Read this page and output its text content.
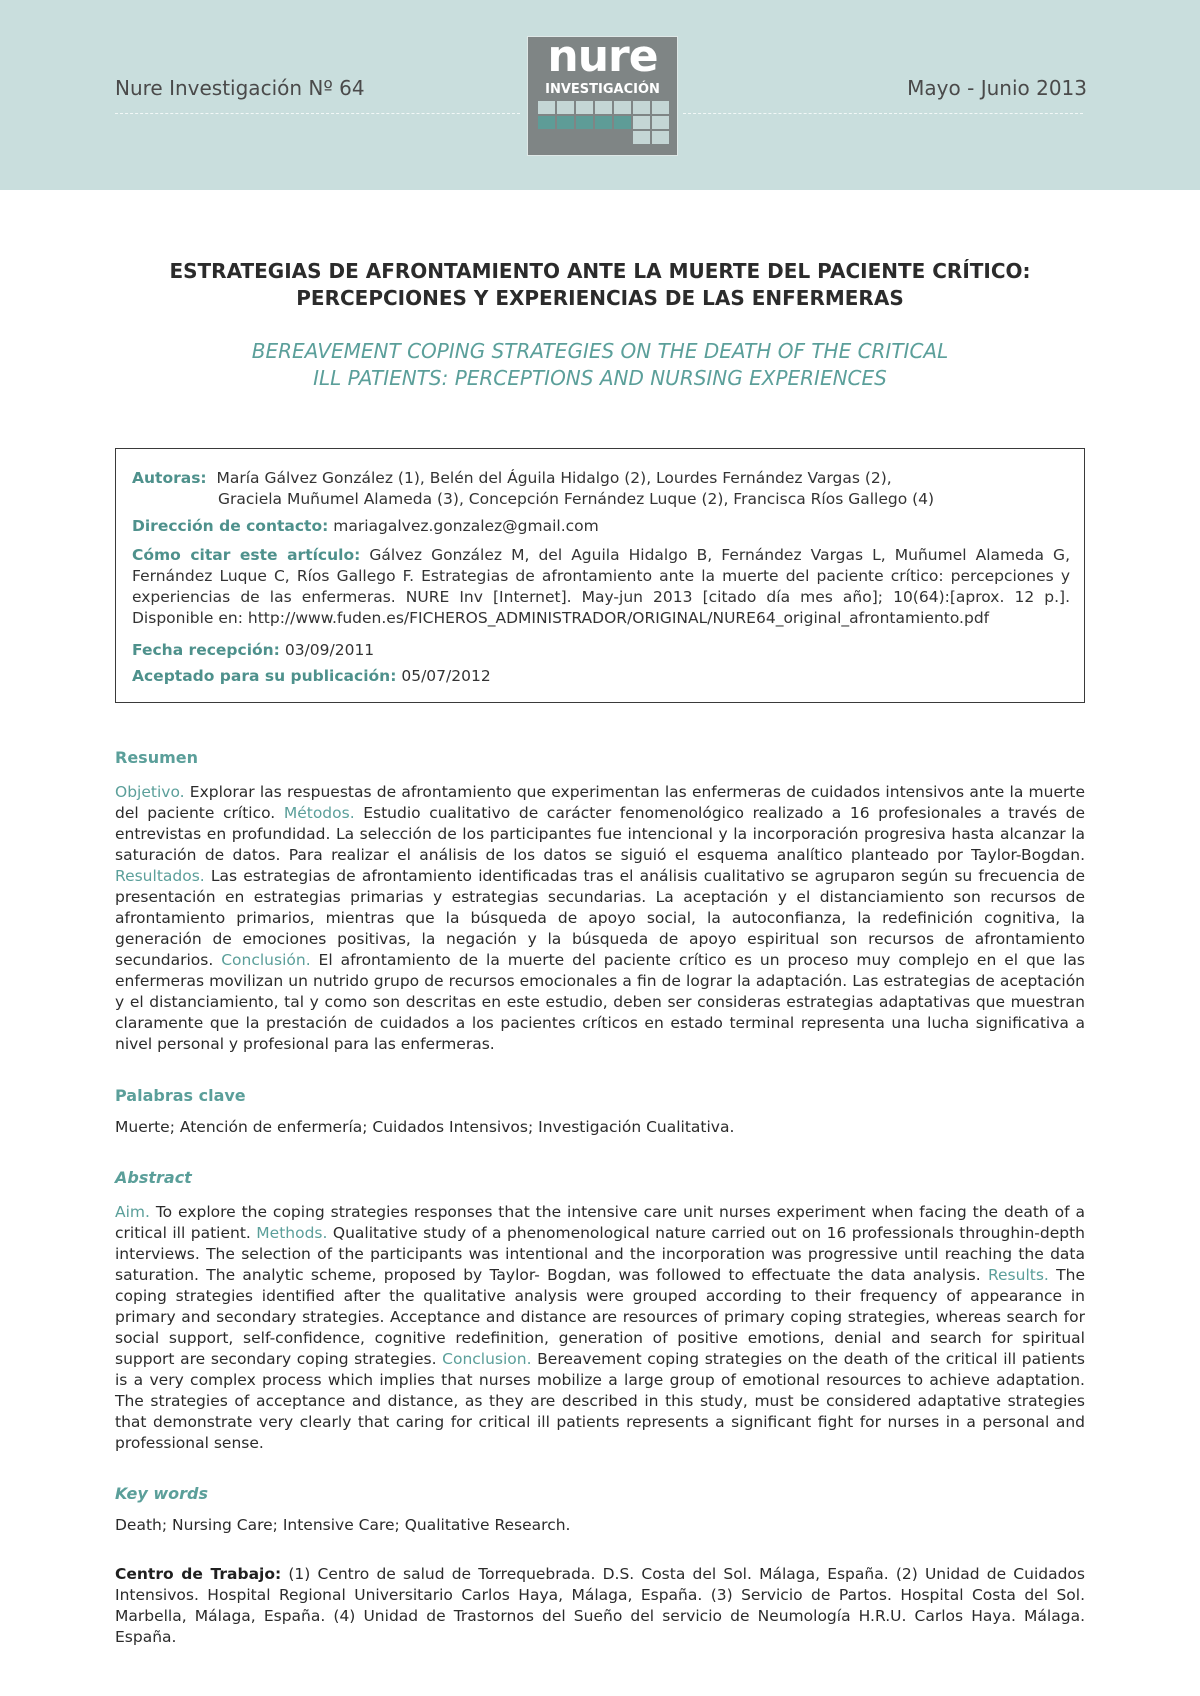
Nure Investigación Nº 64	Mayo - Junio 2013
nure
INVESTIGACIÓN
ESTRATEGIAS DE AFRONTAMIENTO ANTE LA MUERTE DEL PACIENTE CRÍTICO:
PERCEPCIONES Y EXPERIENCIAS DE LAS ENFERMERAS
BEREAVEMENT COPING STRATEGIES ON THE DEATH OF THE CRITICAL
ILL PATIENTS: PERCEPTIONS AND NURSING EXPERIENCES
Autoras: María Gálvez González (1), Belén del Águila Hidalgo (2), Lourdes Fernández Vargas (2),
Graciela Muñumel Alameda (3), Concepción Fernández Luque (2), Francisca Ríos Gallego (4)
Dirección de contacto: mariagalvez.gonzalez@gmail.com
Cómo citar este artículo: Gálvez González M, del Aguila Hidalgo B, Fernández Vargas L, Muñumel Alameda G, Fernández Luque C, Ríos Gallego F. Estrategias de afrontamiento ante la muerte del paciente crítico: percepciones y experiencias de las enfermeras. NURE Inv [Internet]. May-jun 2013 [citado día mes año]; 10(64):[aprox. 12 p.]. Disponible en: http://www.fuden.es/FICHEROS_ADMINISTRADOR/ORIGINAL/NURE64_original_afrontamiento.pdf
Fecha recepción: 03/09/2011
Aceptado para su publicación: 05/07/2012
Resumen
Objetivo. Explorar las respuestas de afrontamiento que experimentan las enfermeras de cuidados intensivos ante la muerte del paciente crítico. Métodos. Estudio cualitativo de carácter fenomenológico realizado a 16 profesionales a través de entrevistas en profundidad. La selección de los participantes fue intencional y la incorporación progresiva hasta alcanzar la saturación de datos. Para realizar el análisis de los datos se siguió el esquema analítico planteado por Taylor-Bogdan. Resultados. Las estrategias de afrontamiento identificadas tras el análisis cualitativo se agruparon según su frecuencia de presentación en estrategias primarias y estrategias secundarias. La aceptación y el distanciamiento son recursos de afrontamiento primarios, mientras que la búsqueda de apoyo social, la autoconfianza, la redefinición cognitiva, la generación de emociones positivas, la negación y la búsqueda de apoyo espiritual son recursos de afrontamiento secundarios. Conclusión. El afrontamiento de la muerte del paciente crítico es un proceso muy complejo en el que las enfermeras movilizan un nutrido grupo de recursos emocionales a fin de lograr la adaptación. Las estrategias de aceptación y el distanciamiento, tal y como son descritas en este estudio, deben ser consideras estrategias adaptativas que muestran claramente que la prestación de cuidados a los pacientes críticos en estado terminal representa una lucha significativa a nivel personal y profesional para las enfermeras.
Palabras clave
Muerte; Atención de enfermería; Cuidados Intensivos; Investigación Cualitativa.
Abstract
Aim. To explore the coping strategies responses that the intensive care unit nurses experiment when facing the death of a critical ill patient. Methods. Qualitative study of a phenomenological nature carried out on 16 professionals throughin-depth interviews. The selection of the participants was intentional and the incorporation was progressive until reaching the data saturation. The analytic scheme, proposed by Taylor- Bogdan, was followed to effectuate the data analysis. Results. The coping strategies identified after the qualitative analysis were grouped according to their frequency of appearance in primary and secondary strategies. Acceptance and distance are resources of primary coping strategies, whereas search for social support, self-confidence, cognitive redefinition, generation of positive emotions, denial and search for spiritual support are secondary coping strategies. Conclusion. Bereavement coping strategies on the death of the critical ill patients is a very complex process which implies that nurses mobilize a large group of emotional resources to achieve adaptation. The strategies of acceptance and distance, as they are described in this study, must be considered adaptative strategies that demonstrate very clearly that caring for critical ill patients represents a significant fight for nurses in a personal and professional sense.
Key words
Death; Nursing Care; Intensive Care; Qualitative Research.
Centro de Trabajo: (1) Centro de salud de Torrequebrada. D.S. Costa del Sol. Málaga, España. (2) Unidad de Cuidados Intensivos. Hospital Regional Universitario Carlos Haya, Málaga, España. (3) Servicio de Partos. Hospital Costa del Sol. Marbella, Málaga, España. (4) Unidad de Trastornos del Sueño del servicio de Neumología H.R.U. Carlos Haya. Málaga. España.
